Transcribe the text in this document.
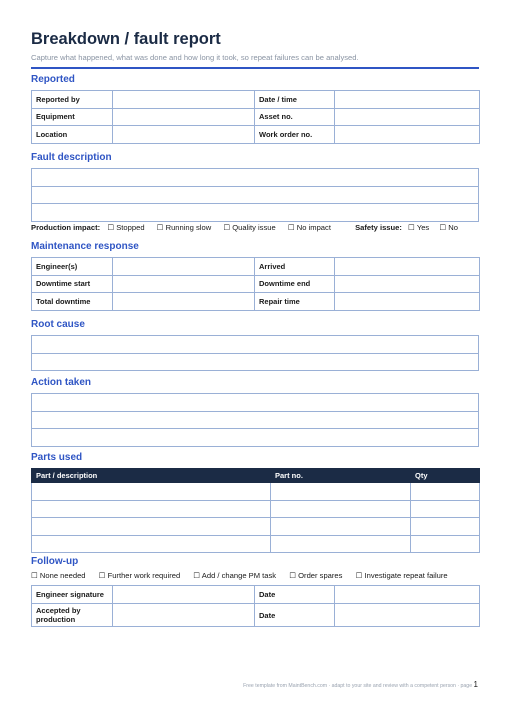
Breakdown / fault report
Capture what happened, what was done and how long it took, so repeat failures can be analysed.
Reported
Reported by		Date / time	
Equipment		Asset no.	
Location		Work order no.	
Fault description

Production impact: ☐ Stopped ☐ Running slow ☐ Quality issue ☐ No impact	Safety issue: ☐ Yes ☐ No
Maintenance response
Engineer(s)		Arrived	
Downtime start		Downtime end	
Total downtime		Repair time	
Root cause

Action taken

Parts used
Part / description	Part no.	Qty

Follow-up
☐ None needed ☐ Further work required ☐ Add / change PM task ☐ Order spares ☐ Investigate repeat failure
Engineer signature		Date	
Accepted by production		Date	
Free template from MaintBench.com · adapt to your site and review with a competent person · page 1
